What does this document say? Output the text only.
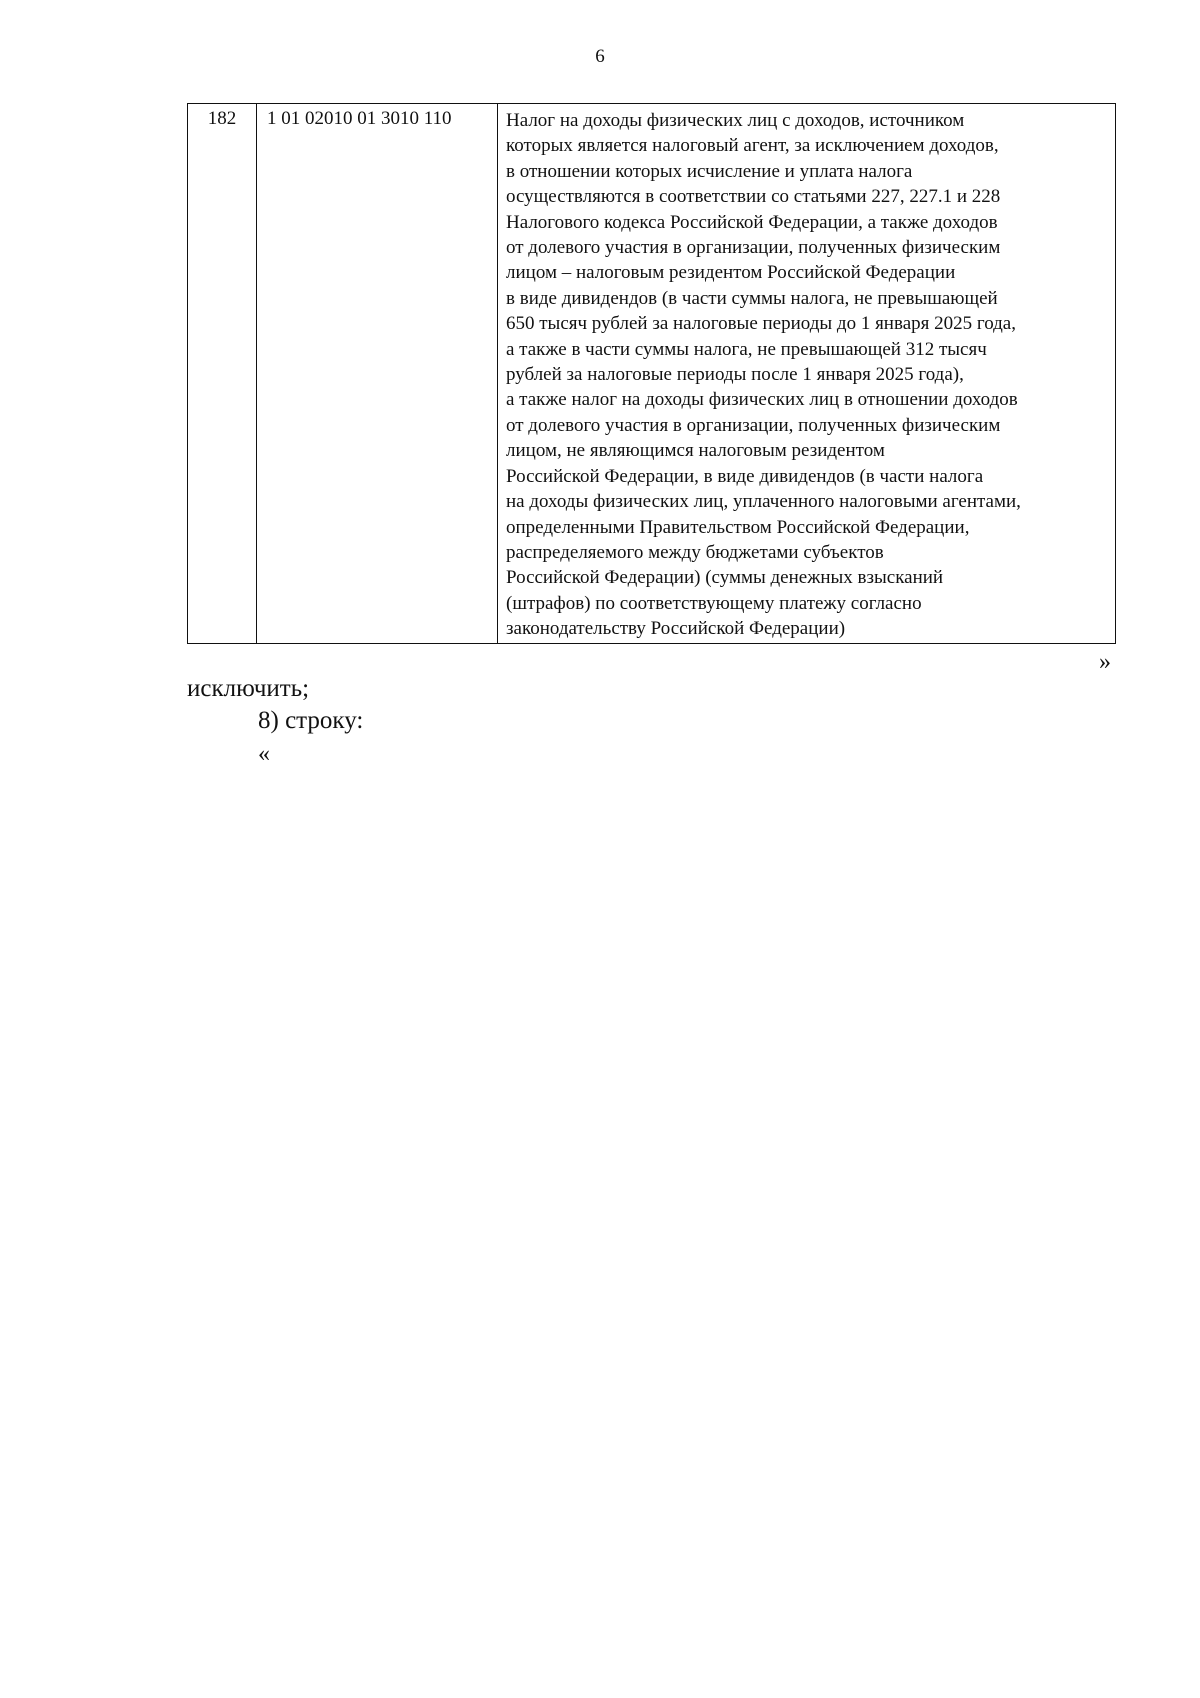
6
182	1 01 02010 01 3010 110	Налог на доходы физических лиц с доходов, источником
которых является налоговый агент, за исключением доходов,
в отношении которых исчисление и уплата налога
осуществляются в соответствии со статьями 227, 227.1 и 228
Налогового кодекса Российской Федерации, а также доходов
от долевого участия в организации, полученных физическим
лицом – налоговым резидентом Российской Федерации
в виде дивидендов (в части суммы налога, не превышающей
650 тысяч рублей за налоговые периоды до 1 января 2025 года,
а также в части суммы налога, не превышающей 312 тысяч
рублей за налоговые периоды после 1 января 2025 года),
а также налог на доходы физических лиц в отношении доходов
от долевого участия в организации, полученных физическим
лицом, не являющимся налоговым резидентом
Российской Федерации, в виде дивидендов (в части налога
на доходы физических лиц, уплаченного налоговыми агентами,
определенными Правительством Российской Федерации,
распределяемого между бюджетами субъектов
Российской Федерации) (суммы денежных взысканий
(штрафов) по соответствующему платежу согласно
законодательству Российской Федерации)
»
исключить;
8) строку:
«
